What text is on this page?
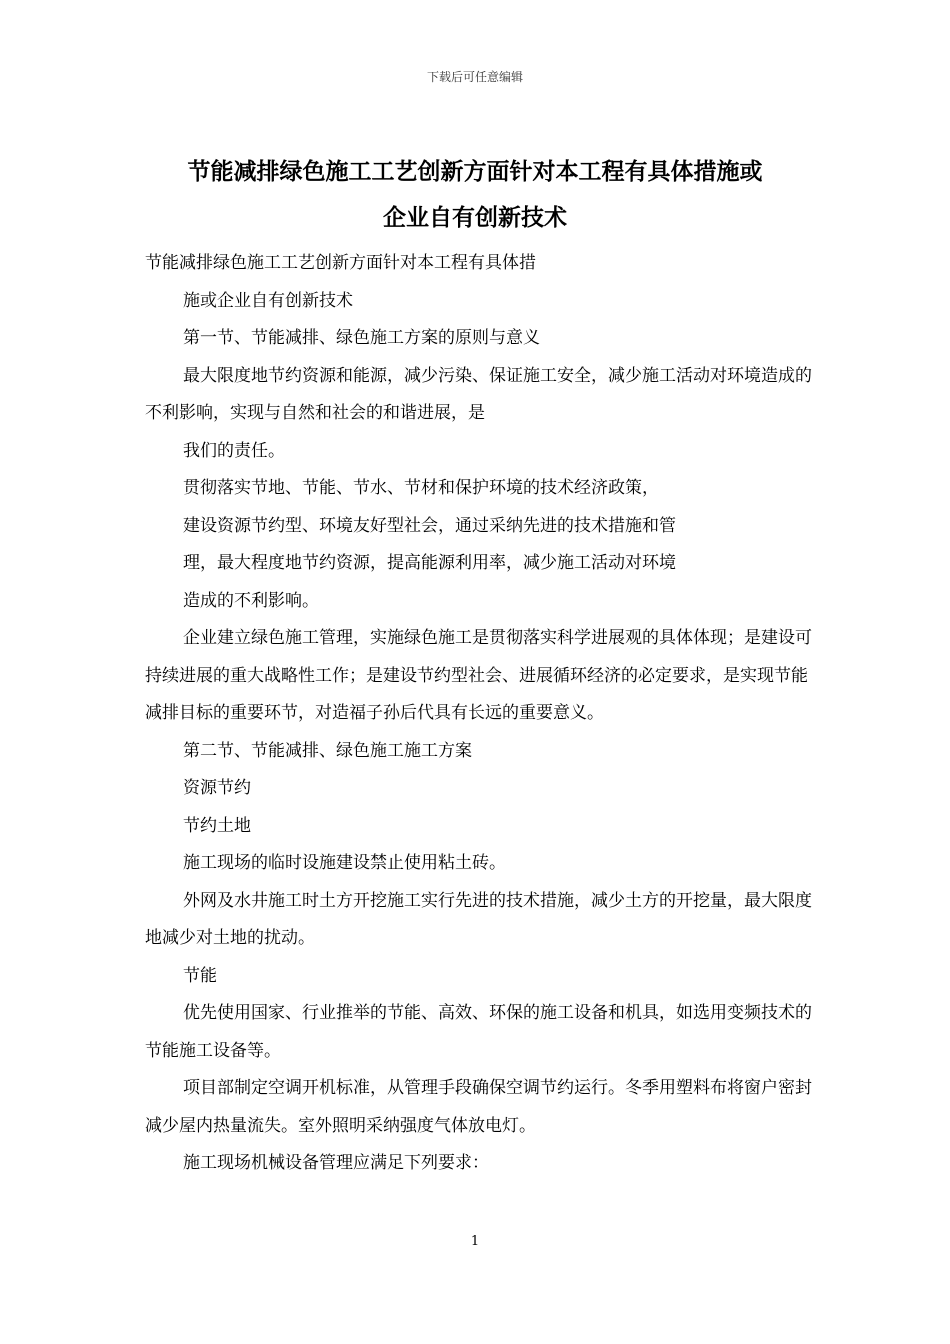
下载后可任意编辑
节能减排绿色施工工艺创新方面针对本工程有具体措施或
企业自有创新技术

节能减排绿色施工工艺创新方面针对本工程有具体措

施或企业自有创新技术

第一节、节能减排、绿色施工方案的原则与意义

最大限度地节约资源和能源，减少污染、保证施工安全，减少施工活动对环境造成的不利影响，实现与自然和社会的和谐进展，是

我们的责任。

贯彻落实节地、节能、节水、节材和保护环境的技术经济政策，

建设资源节约型、环境友好型社会，通过采纳先进的技术措施和管

理，最大程度地节约资源，提高能源利用率，减少施工活动对环境

造成的不利影响。

企业建立绿色施工管理，实施绿色施工是贯彻落实科学进展观的具体体现；是建设可持续进展的重大战略性工作；是建设节约型社会、进展循环经济的必定要求，是实现节能减排目标的重要环节，对造福子孙后代具有长远的重要意义。

第二节、节能减排、绿色施工施工方案

资源节约

节约土地

施工现场的临时设施建设禁止使用粘土砖。

外网及水井施工时土方开挖施工实行先进的技术措施，减少土方的开挖量，最大限度地减少对土地的扰动。

节能

优先使用国家、行业推举的节能、高效、环保的施工设备和机具，如选用变频技术的节能施工设备等。

项目部制定空调开机标准，从管理手段确保空调节约运行。冬季用塑料布将窗户密封减少屋内热量流失。室外照明采纳强度气体放电灯。

施工现场机械设备管理应满足下列要求：

1
